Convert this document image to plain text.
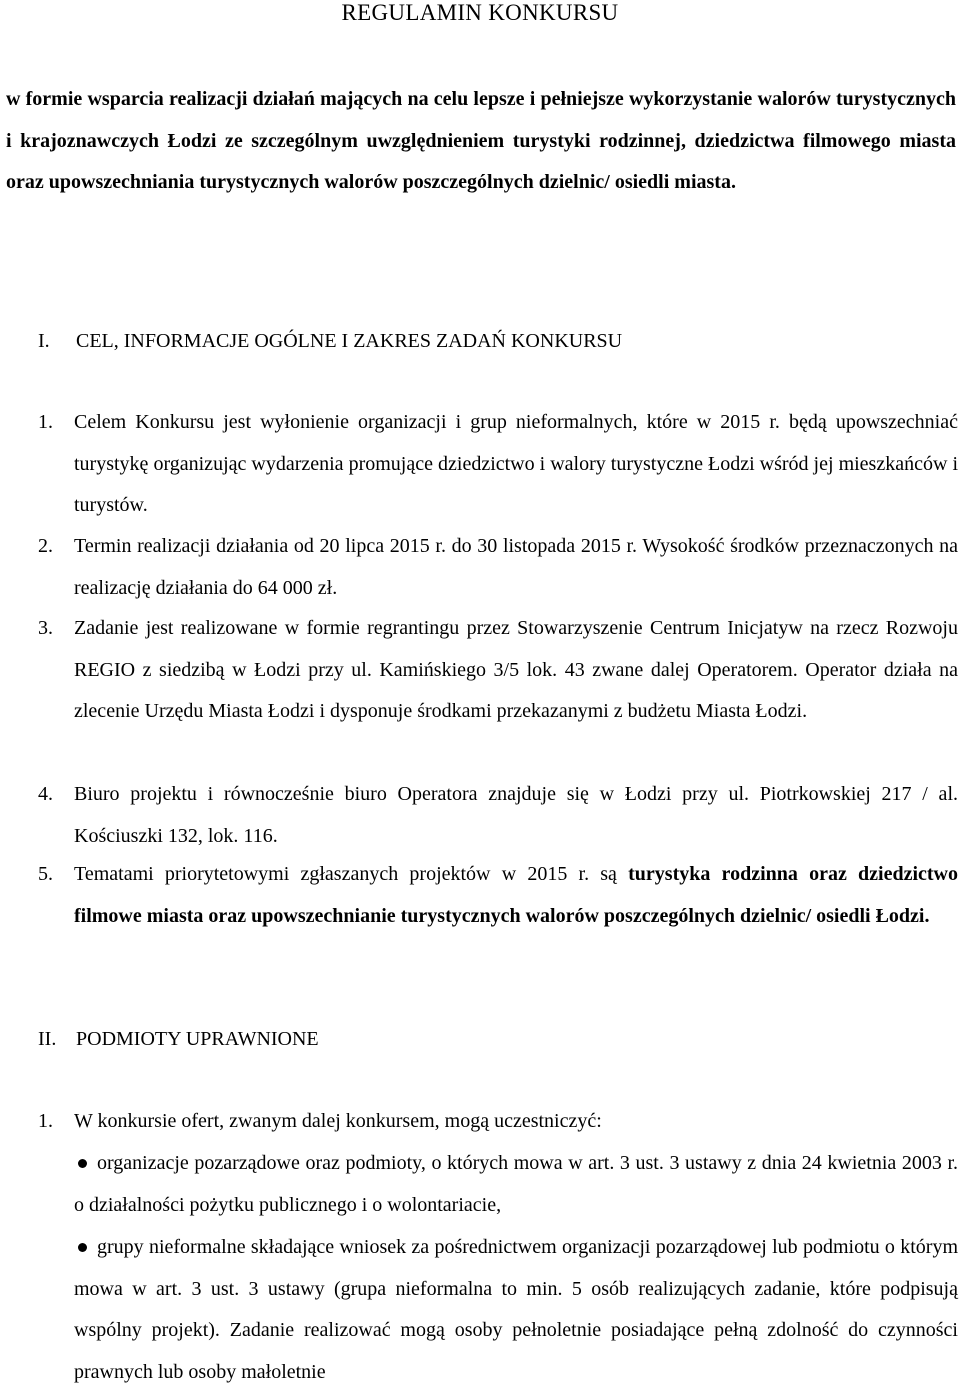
REGULAMIN KONKURSU
w formie wsparcia realizacji działań mających na celu lepsze i pełniejsze wykorzystanie walorów turystycznych i krajoznawczych Łodzi ze szczególnym uwzględnieniem turystyki rodzinnej, dziedzictwa filmowego miasta oraz upowszechniania turystycznych walorów poszczególnych dzielnic/ osiedli miasta.
I. CEL, INFORMACJE OGÓLNE I ZAKRES ZADAŃ KONKURSU
1. Celem Konkursu jest wyłonienie organizacji i grup nieformalnych, które w 2015 r. będą upowszechniać turystykę organizując wydarzenia promujące dziedzictwo i walory turystyczne Łodzi wśród jej mieszkańców i turystów.
2. Termin realizacji działania od 20 lipca 2015 r. do 30 listopada 2015 r. Wysokość środków przeznaczonych na realizację działania do 64 000 zł.
3. Zadanie jest realizowane w formie regrantingu przez Stowarzyszenie Centrum Inicjatyw na rzecz Rozwoju REGIO z siedzibą w Łodzi przy ul. Kamińskiego 3/5 lok. 43 zwane dalej Operatorem. Operator działa na zlecenie Urzędu Miasta Łodzi i dysponuje środkami przekazanymi z budżetu Miasta Łodzi.
4. Biuro projektu i równocześnie biuro Operatora znajduje się w Łodzi przy ul. Piotrkowskiej 217 / al. Kościuszki 132, lok. 116.
5. Tematami priorytetowymi zgłaszanych projektów w 2015 r. są turystyka rodzinna oraz dziedzictwo filmowe miasta oraz upowszechnianie turystycznych walorów poszczególnych dzielnic/ osiedli Łodzi.
II. PODMIOTY UPRAWNIONE
1. W konkursie ofert, zwanym dalej konkursem, mogą uczestniczyć:
organizacje pozarządowe oraz podmioty, o których mowa w art. 3 ust. 3 ustawy z dnia 24 kwietnia 2003 r. o działalności pożytku publicznego i o wolontariacie,
grupy nieformalne składające wniosek za pośrednictwem organizacji pozarządowej lub podmiotu o którym mowa w art. 3 ust. 3 ustawy (grupa nieformalna to min. 5 osób realizujących zadanie, które podpisują wspólny projekt). Zadanie realizować mogą osoby pełnoletnie posiadające pełną zdolność do czynności prawnych lub osoby małoletnie
